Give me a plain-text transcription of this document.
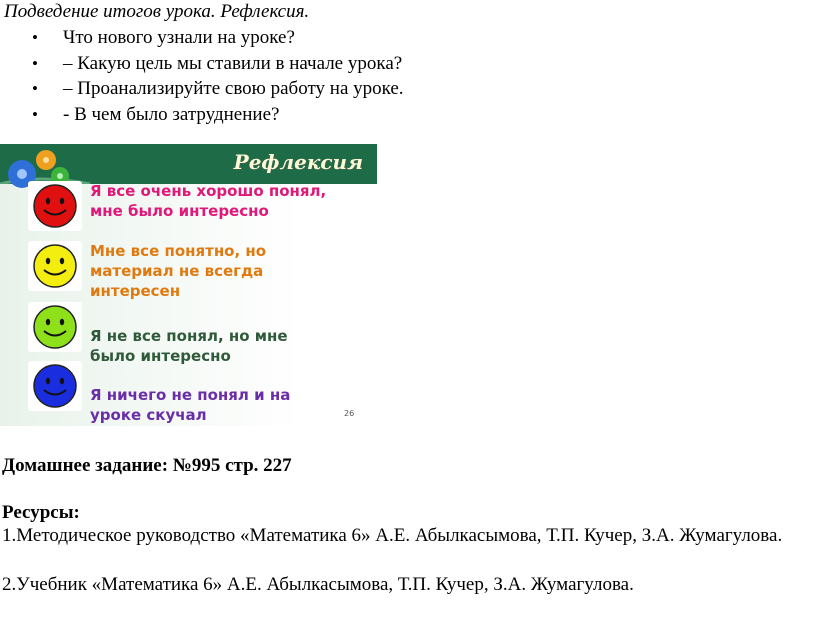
Подведение итогов урока. Рефлексия.
• Что нового узнали на уроке?
• – Какую цель мы ставили в начале урока?
• – Проанализируйте свою работу на уроке.
• - В чем было затруднение?
Рефлексия
Я все очень хорошо понял,
мне было интересно
Мне все понятно, но
материал не всегда
интересен
Я не все понял, но мне
было интересно
Я ничего не понял и на
уроке скучал	26
Домашнее задание: №995 стр. 227
Ресурсы:
1.Методическое руководство «Математика 6» А.Е. Абылкасымова, Т.П. Кучер, З.А. Жумагулова.
2.Учебник «Математика 6» А.Е. Абылкасымова, Т.П. Кучер, З.А. Жумагулова.
